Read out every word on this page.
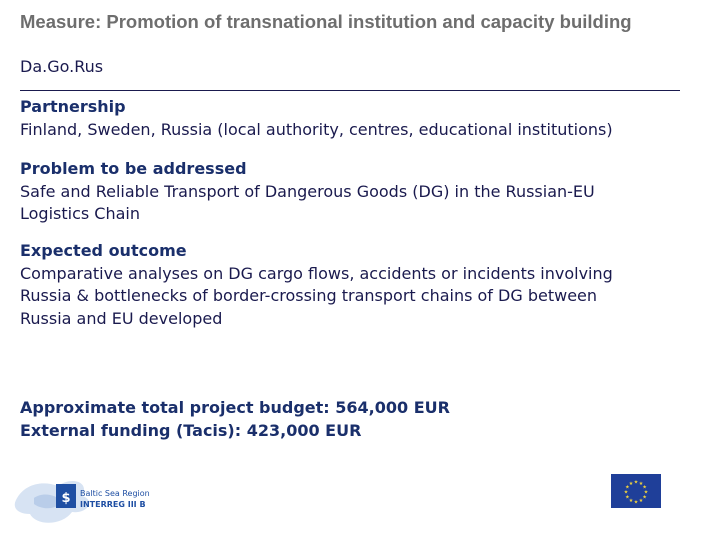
Measure: Promotion of transnational institution and capacity building
Da.Go.Rus
Partnership
Finland, Sweden, Russia (local authority, centres, educational institutions)
Problem to be addressed
Safe and Reliable Transport of Dangerous Goods (DG) in the Russian-EU
Logistics Chain
Expected outcome
Comparative analyses on DG cargo flows, accidents or incidents involving
Russia & bottlenecks of border-crossing transport chains of DG between
Russia and EU developed
Approximate total project budget: 564,000 EUR
External funding (Tacis): 423,000 EUR
$ Baltic Sea Region
INTERREG III B
★ ★
★
★
★
★
★
★
★
★
★
★
